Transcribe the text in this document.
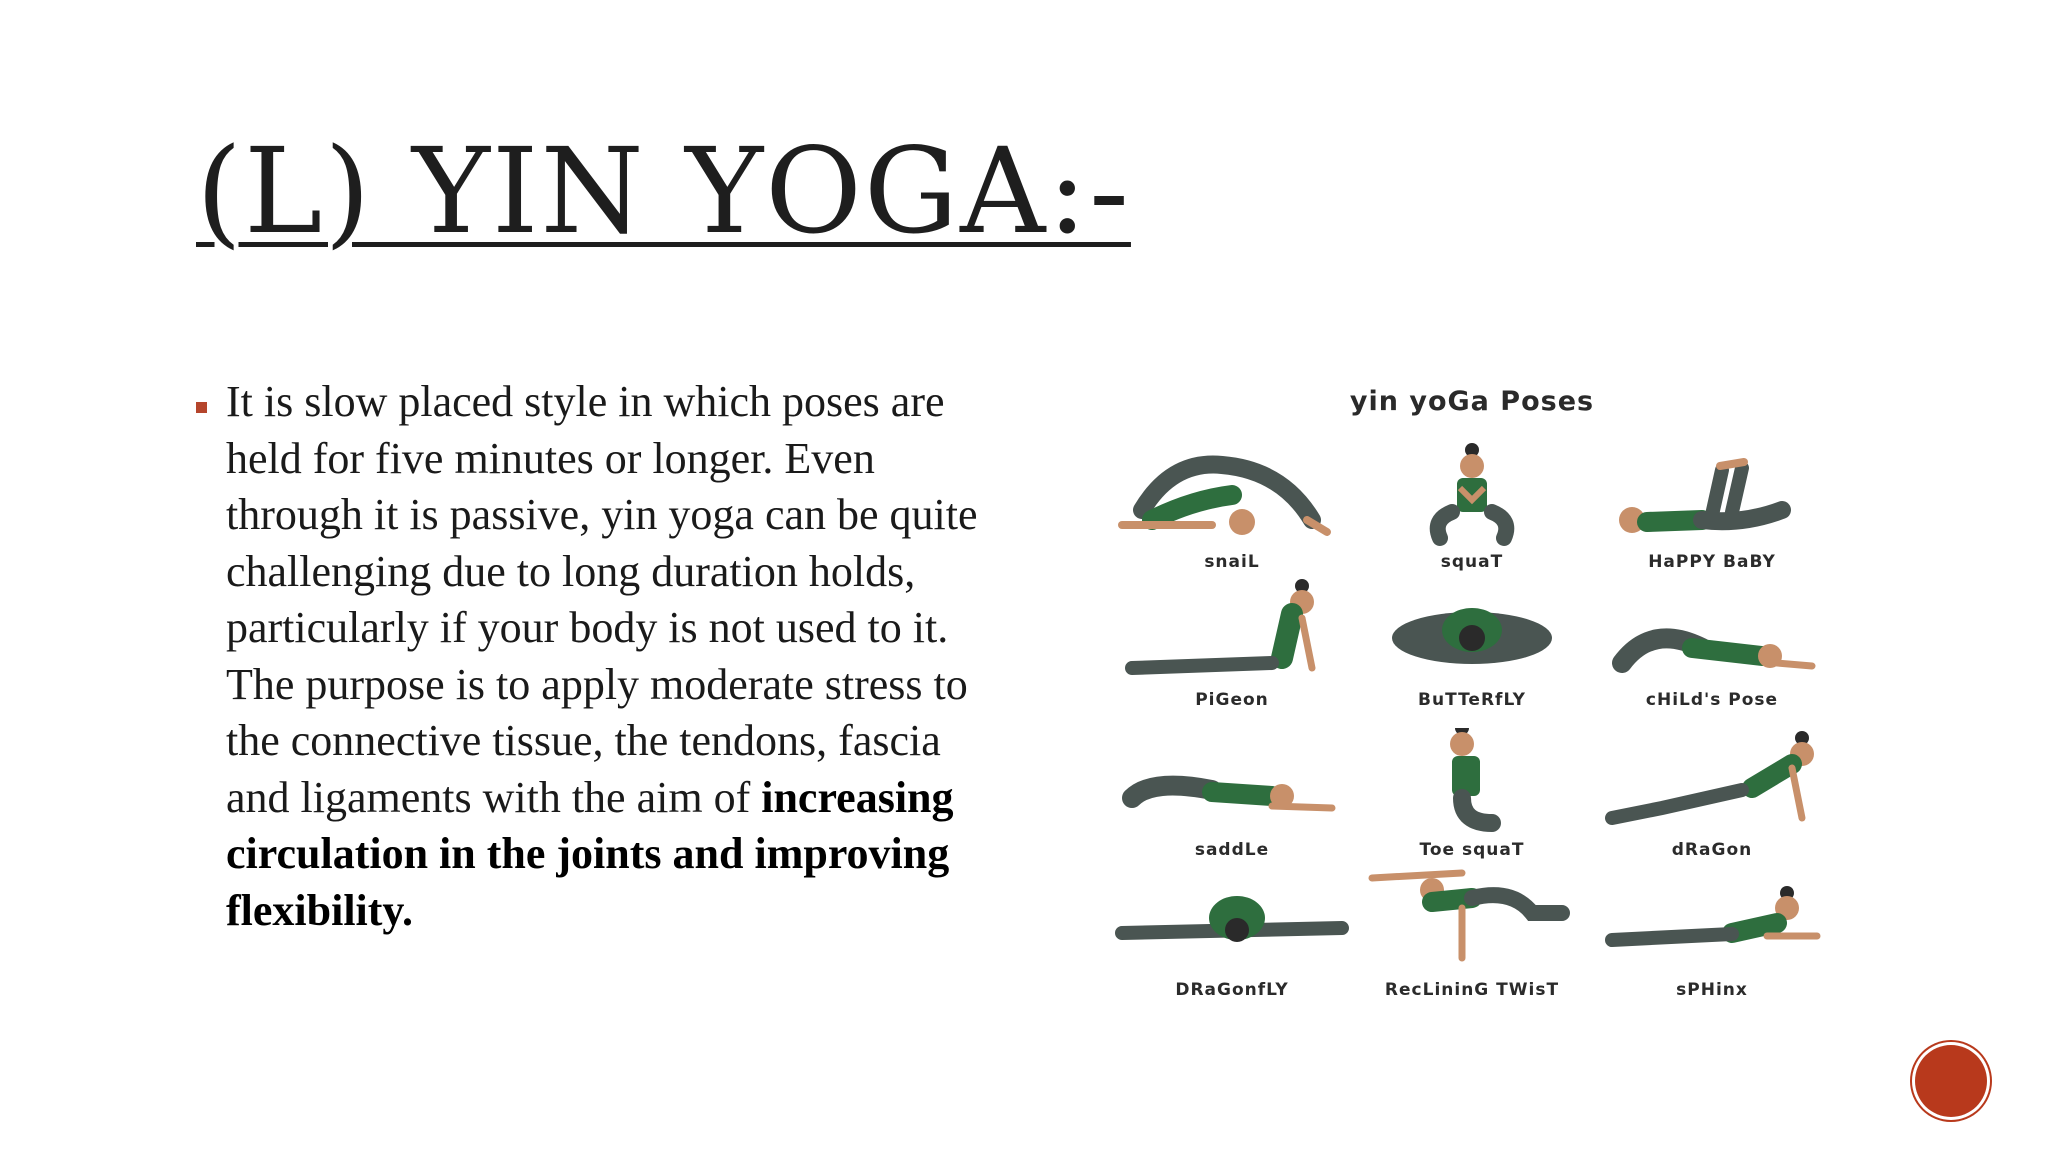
(L) YIN YOGA:-

It is slow placed style in which poses are held for five minutes or longer. Even through it is passive, yin yoga can be quite challenging due to long duration holds, particularly if your body is not used to it. The purpose is to apply moderate stress to the connective tissue, the tendons, fascia and ligaments with the aim of increasing circulation in the joints and improving flexibility.

yin yoGa Poses
snaiL	squaT	HaPPY BaBY
PiGeon	BuTTeRfLY	cHiLd's Pose
saddLe	Toe squaT	dRaGon
DRaGonfLY	RecLininG TWisT	sPHinx
